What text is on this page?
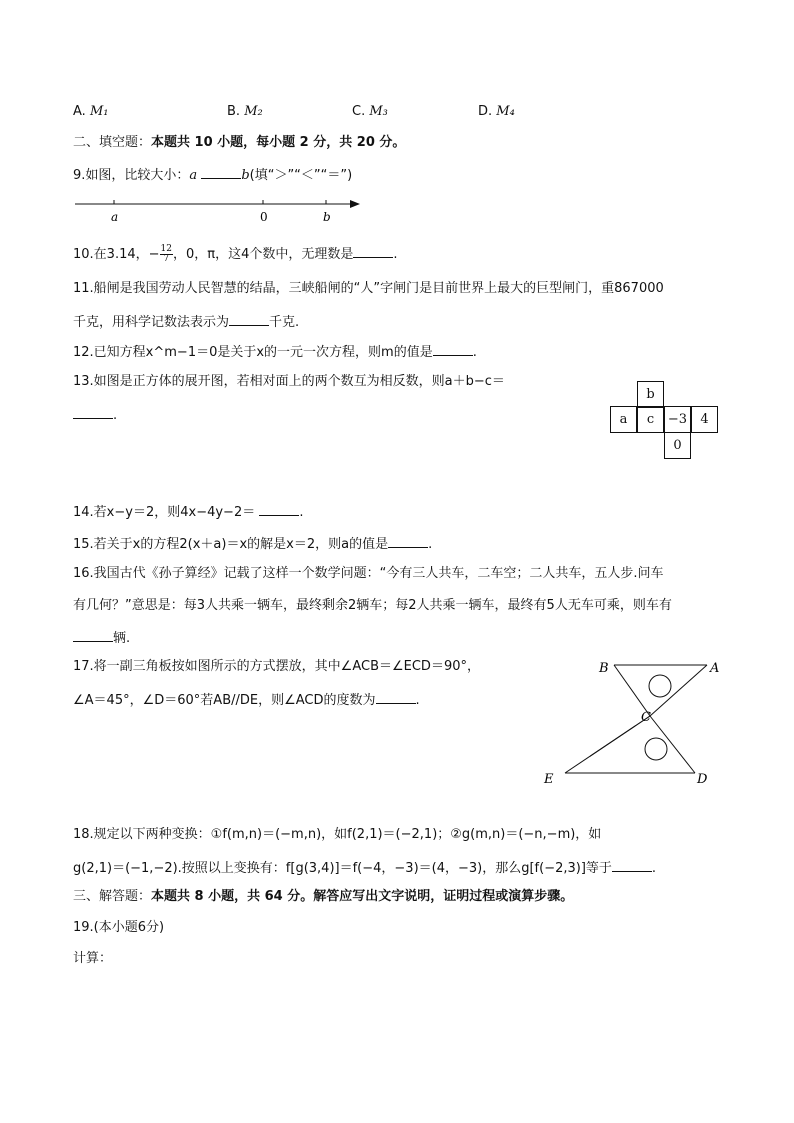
A. M₁	B. M₂	C. M₃	D. M₄
二、填空题：本题共 10 小题，每小题 2 分，共 20 分。
9.如图，比较大小：a	b(填“＞”“＜”“＝”)
a	0	b
10.在3.14，− $\frac{12}{7}$ ，0，π，这4个数中，无理数是	.
11.船闸是我国劳动人民智慧的结晶，三峡船闸的“人”字闸门是目前世界上最大的巨型闸门，重867000
千克，用科学记数法表示为	千克.
12.已知方程x^m−1＝0是关于x的一元一次方程，则m的值是	.
13.如图是正方体的展开图，若相对面上的两个数互为相反数，则a＋b−c＝
.
b
a	c	−3	4
0
14.若x−y＝2，则4x−4y−2＝	.
15.若关于x的方程2(x＋a)＝x的解是x＝2，则a的值是	.
16.我国古代《孙子算经》记载了这样一个数学问题：“今有三人共车，二车空；二人共车，五人步.问车
有几何？”意思是：每3人共乘一辆车，最终剩余2辆车；每2人共乘一辆车，最终有5人无车可乘，则车有
辆.
17.将一副三角板按如图所示的方式摆放，其中∠ACB＝∠ECD＝90°，
∠A＝45°，∠D＝60°若AB//DE，则∠ACD的度数为	.
B	A
C
D
E
18.规定以下两种变换：①f(m,n)＝(−m,n)，如f(2,1)＝(−2,1)；②g(m,n)＝(−n,−m)，如
g(2,1)＝(−1,−2).按照以上变换有：f[g(3,4)]＝f(−4，−3)＝(4，−3)，那么g[f(−2,3)]等于	.
三、解答题：本题共 8 小题，共 64 分。解答应写出文字说明，证明过程或演算步骤。
19.(本小题6分)
计算：
